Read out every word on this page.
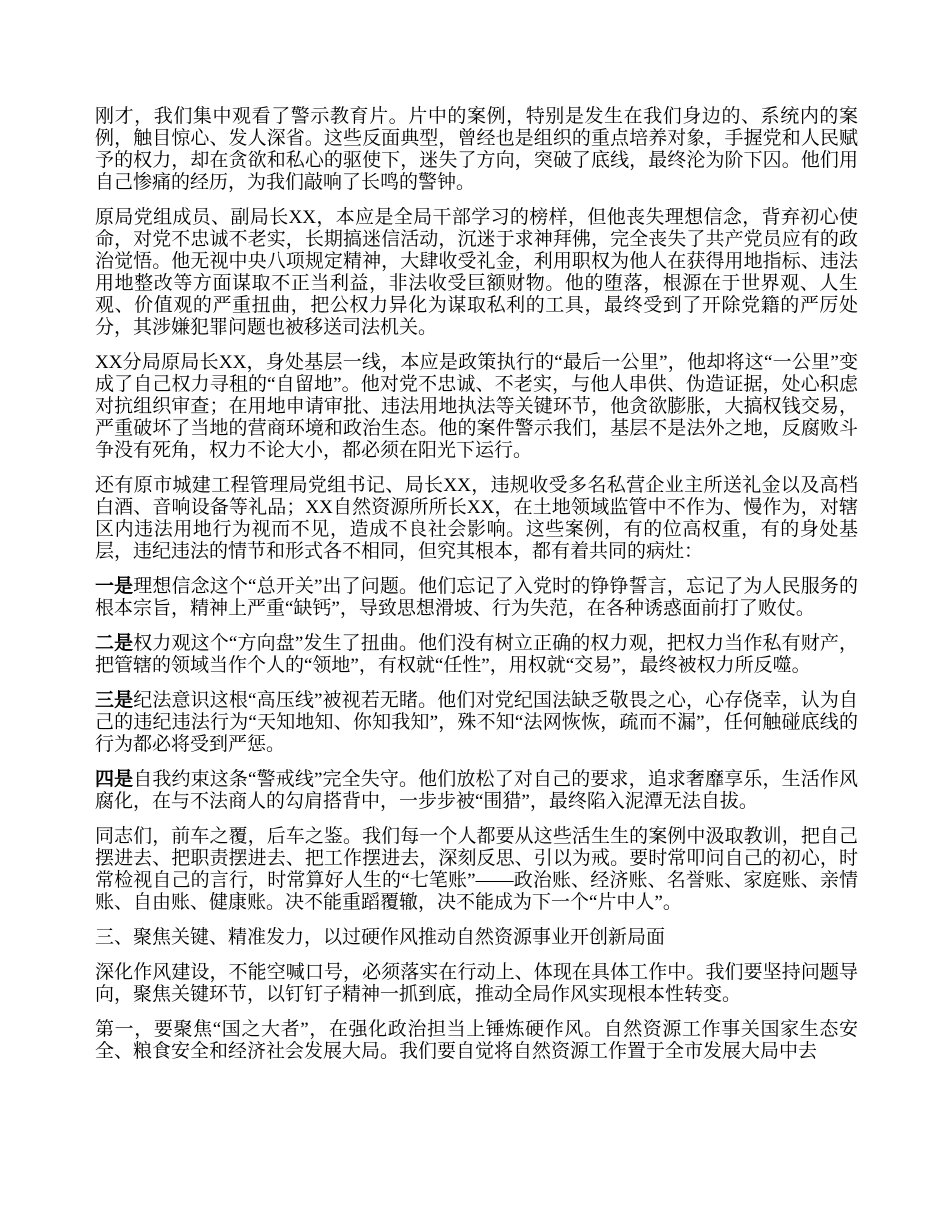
刚才，我们集中观看了警示教育片。片中的案例，特别是发生在我们身边的、系统内的案例，触目惊心、发人深省。这些反面典型，曾经也是组织的重点培养对象，手握党和人民赋予的权力，却在贪欲和私心的驱使下，迷失了方向，突破了底线，最终沦为阶下囚。他们用自己惨痛的经历，为我们敲响了长鸣的警钟。

原局党组成员、副局长XX，本应是全局干部学习的榜样，但他丧失理想信念，背弃初心使命，对党不忠诚不老实，长期搞迷信活动，沉迷于求神拜佛，完全丧失了共产党员应有的政治觉悟。他无视中央八项规定精神，大肆收受礼金，利用职权为他人在获得用地指标、违法用地整改等方面谋取不正当利益，非法收受巨额财物。他的堕落，根源在于世界观、人生观、价值观的严重扭曲，把公权力异化为谋取私利的工具，最终受到了开除党籍的严厉处分，其涉嫌犯罪问题也被移送司法机关。

XX分局原局长XX，身处基层一线，本应是政策执行的“最后一公里”，他却将这“一公里”变成了自己权力寻租的“自留地”。他对党不忠诚、不老实，与他人串供、伪造证据，处心积虑对抗组织审查；在用地申请审批、违法用地执法等关键环节，他贪欲膨胀，大搞权钱交易，严重破坏了当地的营商环境和政治生态。他的案件警示我们，基层不是法外之地，反腐败斗争没有死角，权力不论大小，都必须在阳光下运行。

还有原市城建工程管理局党组书记、局长XX，违规收受多名私营企业主所送礼金以及高档白酒、音响设备等礼品；XX自然资源所所长XX，在土地领域监管中不作为、慢作为，对辖区内违法用地行为视而不见，造成不良社会影响。这些案例，有的位高权重，有的身处基层，违纪违法的情节和形式各不相同，但究其根本，都有着共同的病灶：

一是理想信念这个“总开关”出了问题。他们忘记了入党时的铮铮誓言，忘记了为人民服务的根本宗旨，精神上严重“缺钙”，导致思想滑坡、行为失范，在各种诱惑面前打了败仗。

二是权力观这个“方向盘”发生了扭曲。他们没有树立正确的权力观，把权力当作私有财产，把管辖的领域当作个人的“领地”，有权就“任性”，用权就“交易”，最终被权力所反噬。

三是纪法意识这根“高压线”被视若无睹。他们对党纪国法缺乏敬畏之心，心存侥幸，认为自己的违纪违法行为“天知地知、你知我知”，殊不知“法网恢恢，疏而不漏”，任何触碰底线的行为都必将受到严惩。

四是自我约束这条“警戒线”完全失守。他们放松了对自己的要求，追求奢靡享乐，生活作风腐化，在与不法商人的勾肩搭背中，一步步被“围猎”，最终陷入泥潭无法自拔。

同志们，前车之覆，后车之鉴。我们每一个人都要从这些活生生的案例中汲取教训，把自己摆进去、把职责摆进去、把工作摆进去，深刻反思、引以为戒。要时常叩问自己的初心，时常检视自己的言行，时常算好人生的“七笔账”——政治账、经济账、名誉账、家庭账、亲情账、自由账、健康账。决不能重蹈覆辙，决不能成为下一个“片中人”。

三、聚焦关键、精准发力，以过硬作风推动自然资源事业开创新局面

深化作风建设，不能空喊口号，必须落实在行动上、体现在具体工作中。我们要坚持问题导向，聚焦关键环节，以钉钉子精神一抓到底，推动全局作风实现根本性转变。

第一，要聚焦“国之大者”，在强化政治担当上锤炼硬作风。自然资源工作事关国家生态安全、粮食安全和经济社会发展大局。我们要自觉将自然资源工作置于全市发展大局中去
